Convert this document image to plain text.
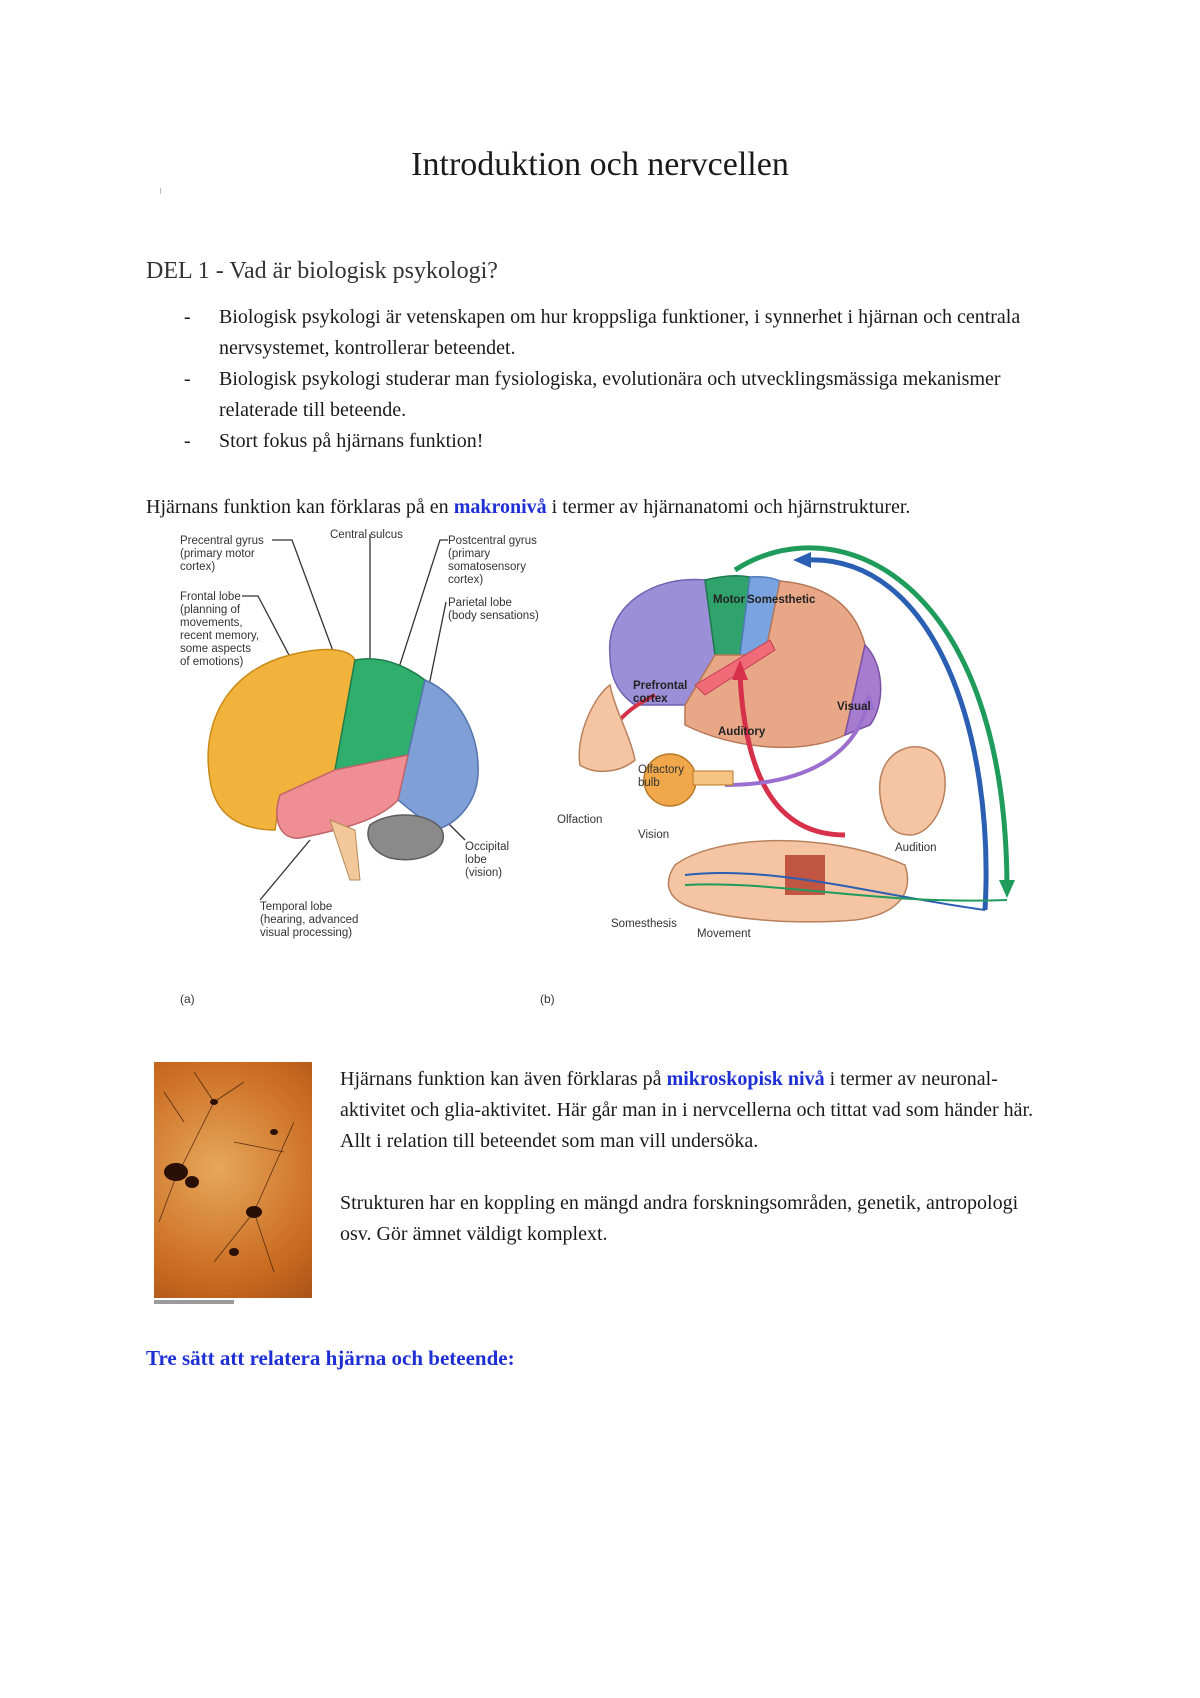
Introduktion och nervcellen
DEL 1 - Vad är biologisk psykologi?
- Biologisk psykologi är vetenskapen om hur kroppsliga funktioner, i synnerhet i hjärnan och centrala nervsystemet, kontrollerar beteendet.
- Biologisk psykologi studerar man fysiologiska, evolutionära och utvecklingsmässiga mekanismer relaterade till beteende.
- Stort fokus på hjärnans funktion!

Hjärnans funktion kan förklaras på en makronivå i termer av hjärnanatomi och hjärnstrukturer.

Precentral gyrus
(primary motor
cortex)
Central sulcus	Postcentral gyrus
(primary
somatosensory
cortex)
Frontal lobe
(planning of
movements,
recent memory,
some aspects
of emotions)
Parietal lobe
(body sensations)
Occipital
lobe
(vision)
Temporal lobe
(hearing, advanced
visual processing)
(a)
Motor Somesthetic
Prefrontal
cortex
Visual
Auditory
Olfactory
bulb
Olfaction
Vision
Audition
Somesthesis
Movement
(b)

Hjärnans funktion kan även förklaras på mikroskopisk nivå i termer av neuronal-aktivitet och glia-aktivitet. Här går man in i nervcellerna och tittat vad som händer här. Allt i relation till beteendet som man vill undersöka.

Strukturen har en koppling en mängd andra forskningsområden, genetik, antropologi osv. Gör ämnet väldigt komplext.

Tre sätt att relatera hjärna och beteende:
